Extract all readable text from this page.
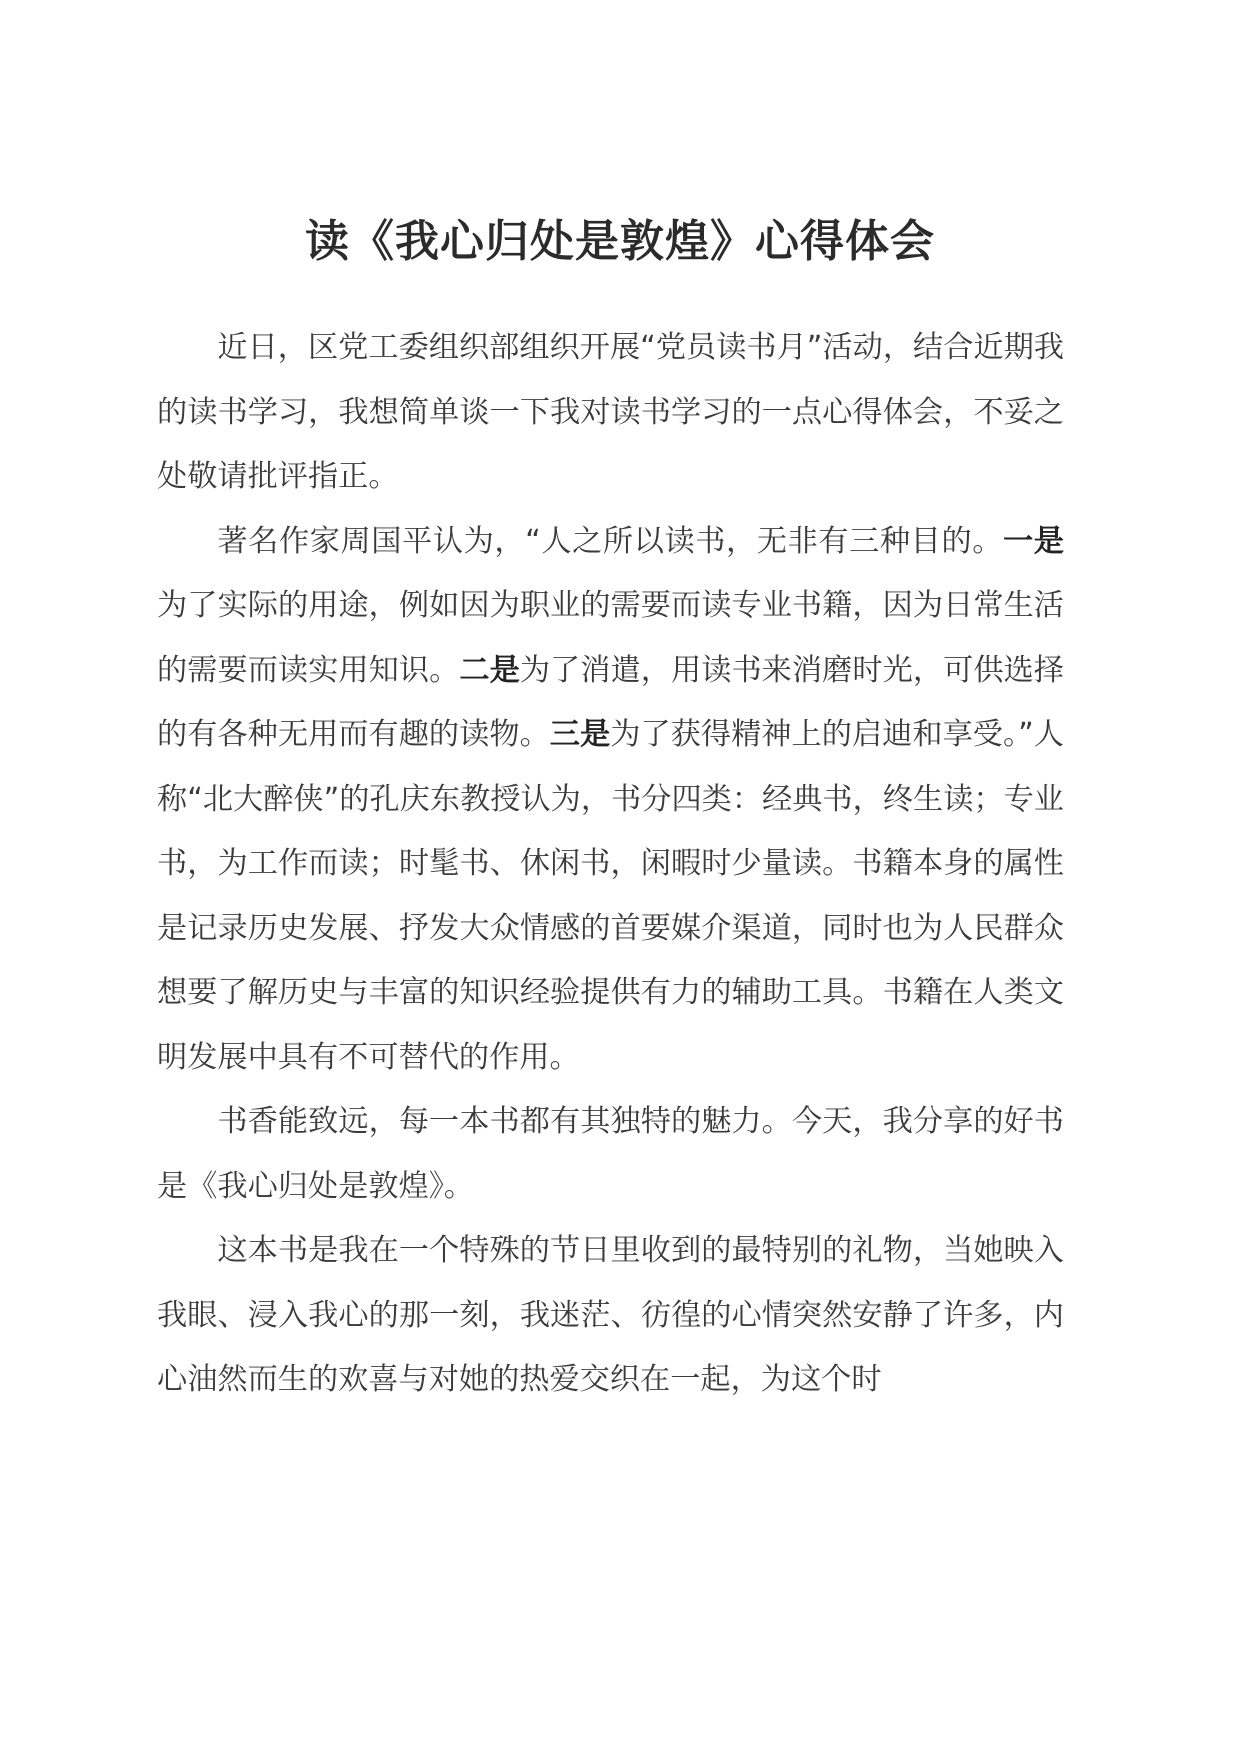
读《我心归处是敦煌》心得体会

近日，区党工委组织部组织开展“党员读书月”活动，结合近期我的读书学习，我想简单谈一下我对读书学习的一点心得体会，不妥之处敬请批评指正。

著名作家周国平认为，“人之所以读书，无非有三种目的。一是为了实际的用途，例如因为职业的需要而读专业书籍，因为日常生活的需要而读实用知识。二是为了消遣，用读书来消磨时光，可供选择的有各种无用而有趣的读物。三是为了获得精神上的启迪和享受。”人称“北大醉侠”的孔庆东教授认为，书分四类：经典书，终生读；专业书，为工作而读；时髦书、休闲书，闲暇时少量读。书籍本身的属性是记录历史发展、抒发大众情感的首要媒介渠道，同时也为人民群众想要了解历史与丰富的知识经验提供有力的辅助工具。书籍在人类文明发展中具有不可替代的作用。

书香能致远，每一本书都有其独特的魅力。今天，我分享的好书是《我心归处是敦煌》。

这本书是我在一个特殊的节日里收到的最特别的礼物，当她映入我眼、浸入我心的那一刻，我迷茫、彷徨的心情突然安静了许多，内心油然而生的欢喜与对她的热爱交织在一起，为这个时
